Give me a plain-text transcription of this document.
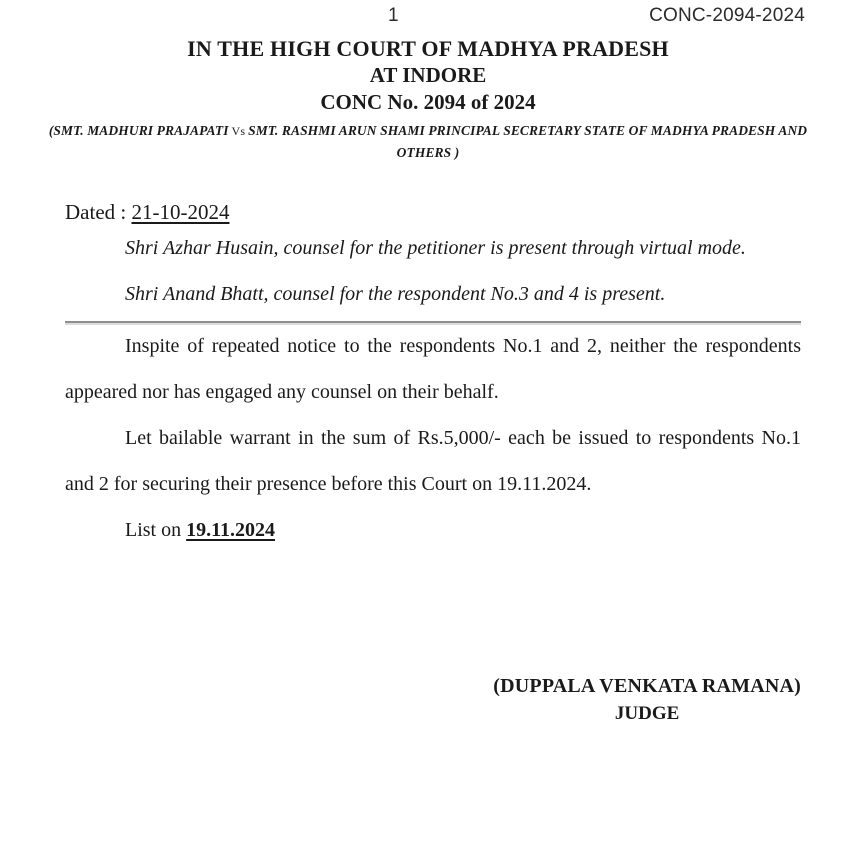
1	CONC-2094-2024
IN THE HIGH COURT OF MADHYA PRADESH
AT INDORE
CONC No. 2094 of 2024
(SMT. MADHURI PRAJAPATI Vs SMT. RASHMI ARUN SHAMI PRINCIPAL SECRETARY STATE OF MADHYA PRADESH AND OTHERS )
Dated : 21-10-2024

Shri Azhar Husain, counsel for the petitioner is present through virtual mode.

Shri Anand Bhatt, counsel for the respondent No.3 and 4 is present.

Inspite of repeated notice to the respondents No.1 and 2, neither the respondents appeared nor has engaged any counsel on their behalf.

Let bailable warrant in the sum of Rs.5,000/- each be issued to respondents No.1 and 2 for securing their presence before this Court on 19.11.2024.

List on 19.11.2024
(DUPPALA VENKATA RAMANA)
JUDGE
